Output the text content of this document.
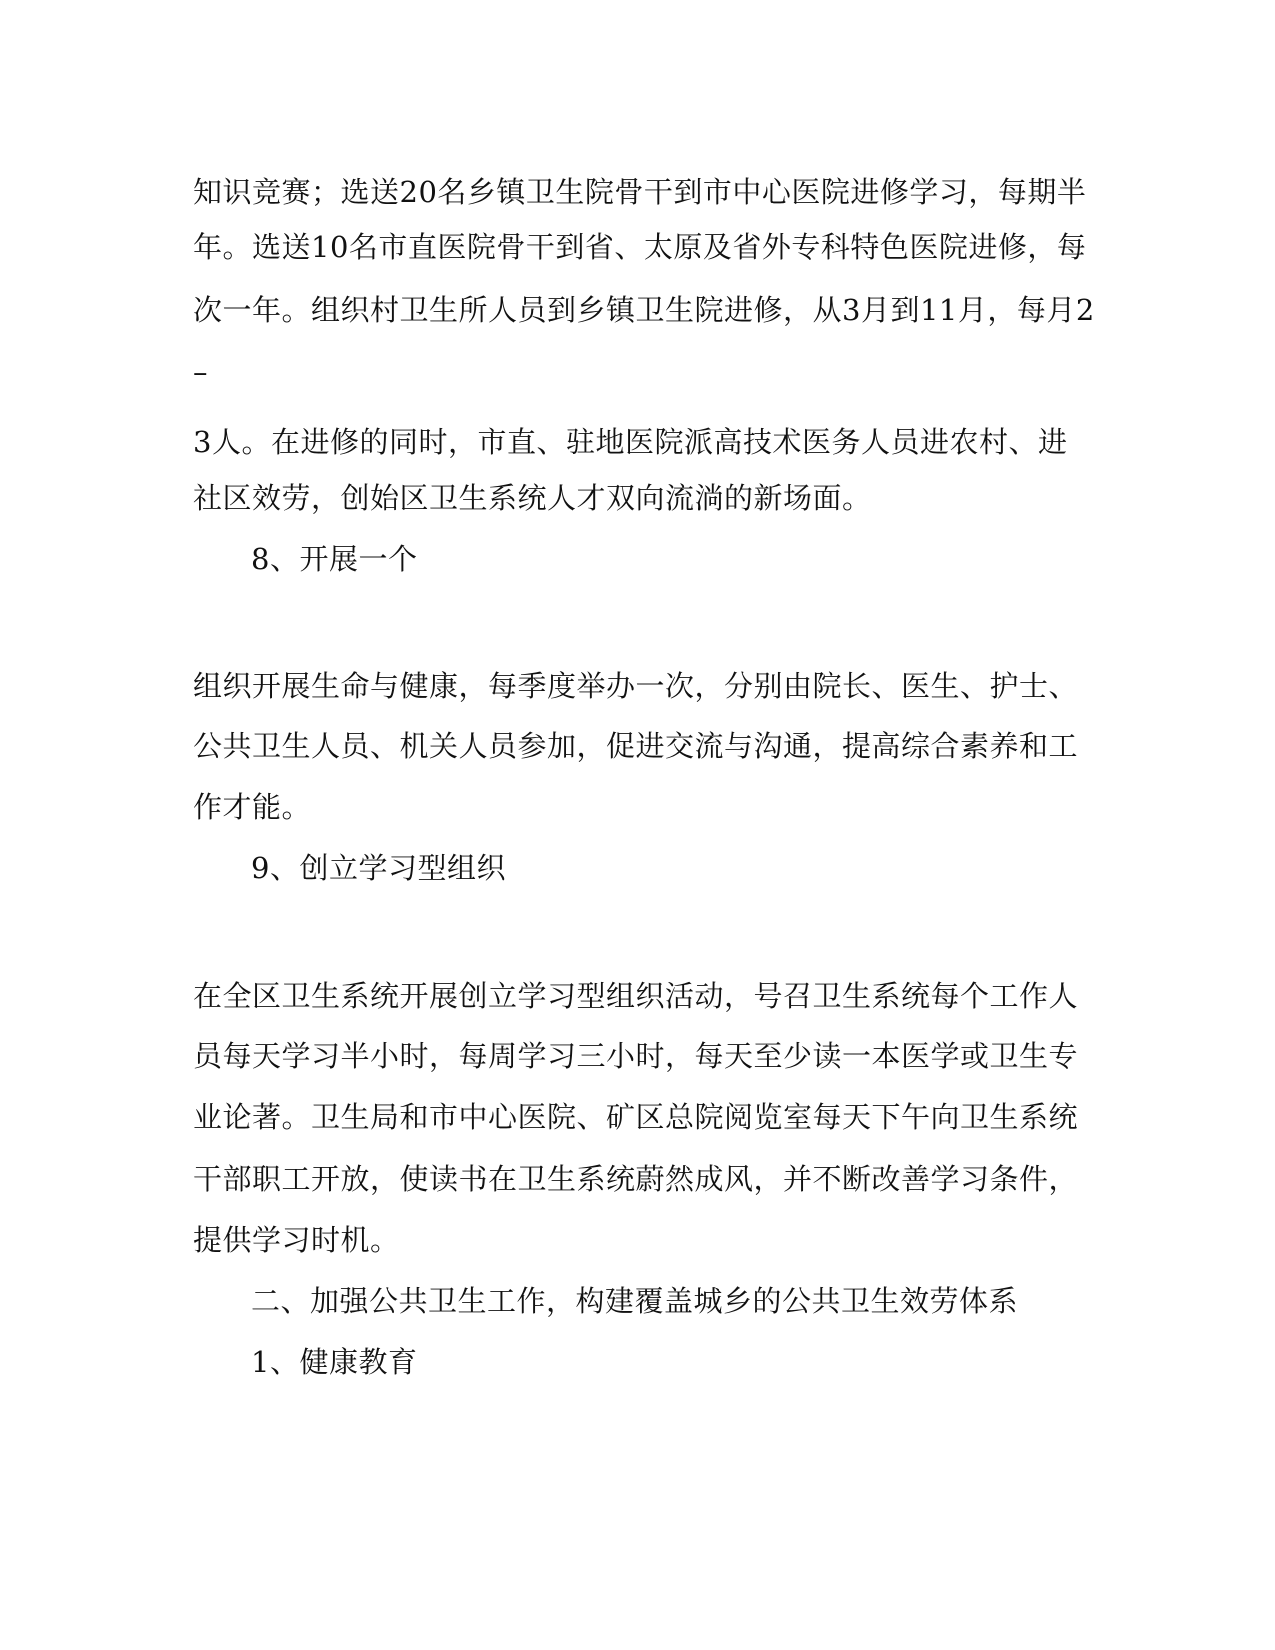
知识竞赛；选送20名乡镇卫生院骨干到市中心医院进修学习，每期半
年。选送10名市直医院骨干到省、太原及省外专科特色医院进修，每
次一年。组织村卫生所人员到乡镇卫生院进修，从3月到11月，每月2
–
3人。在进修的同时，市直、驻地医院派高技术医务人员进农村、进
社区效劳，创始区卫生系统人才双向流淌的新场面。
8、开展一个
组织开展生命与健康，每季度举办一次，分别由院长、医生、护士、
公共卫生人员、机关人员参加，促进交流与沟通，提高综合素养和工
作才能。
9、创立学习型组织
在全区卫生系统开展创立学习型组织活动，号召卫生系统每个工作人
员每天学习半小时，每周学习三小时，每天至少读一本医学或卫生专
业论著。卫生局和市中心医院、矿区总院阅览室每天下午向卫生系统
干部职工开放，使读书在卫生系统蔚然成风，并不断改善学习条件，
提供学习时机。
二、加强公共卫生工作，构建覆盖城乡的公共卫生效劳体系
1、健康教育
